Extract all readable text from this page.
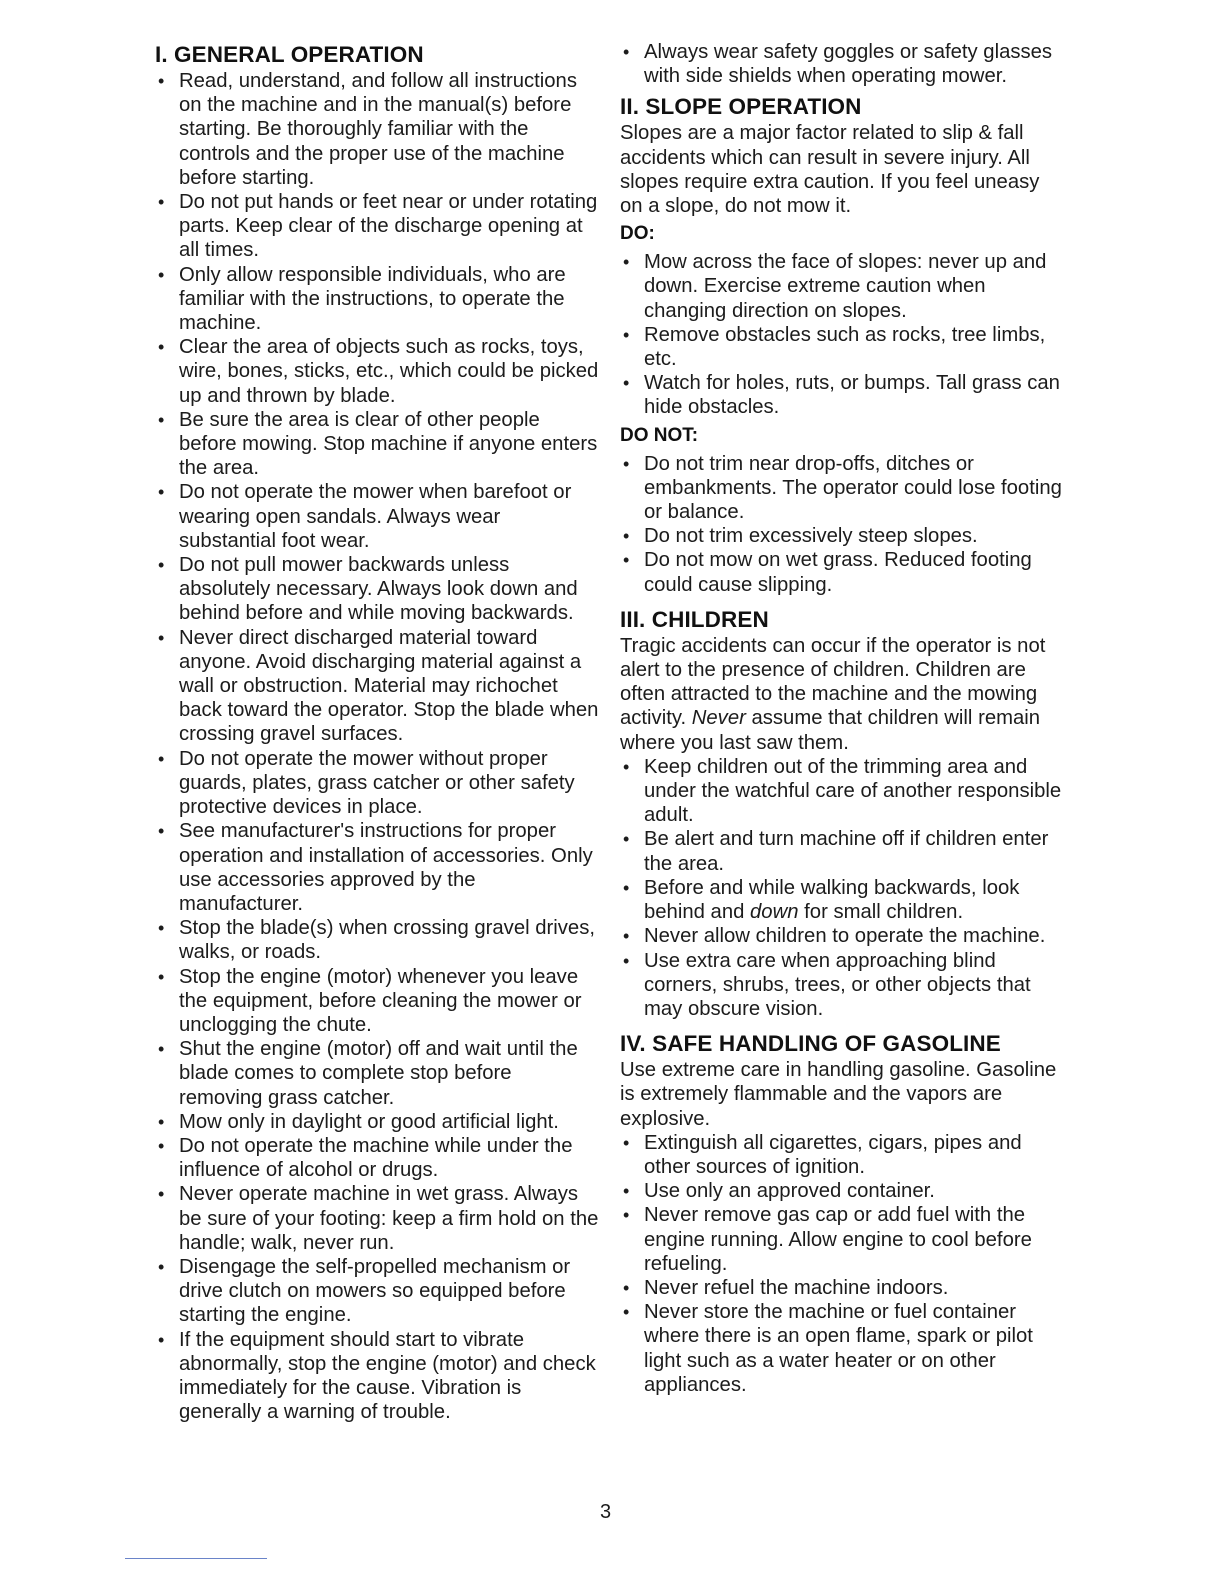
I. GENERAL OPERATION
• Read, understand, and follow all instructions on the machine and in the manual(s) before starting. Be thoroughly familiar with the controls and the proper use of the machine before starting.
• Do not put hands or feet near or under rotating parts. Keep clear of the discharge opening at all times.
• Only allow responsible individuals, who are familiar with the instructions, to operate the machine.
• Clear the area of objects such as rocks, toys, wire, bones, sticks, etc., which could be picked up and thrown by blade.
• Be sure the area is clear of other people before mowing. Stop machine if anyone enters the area.
• Do not operate the mower when barefoot or wearing open sandals. Always wear substantial foot wear.
• Do not pull mower backwards unless absolutely necessary. Always look down and behind before and while moving backwards.
• Never direct discharged material toward anyone. Avoid discharging material against a wall or obstruction. Material may richochet back toward the operator. Stop the blade when crossing gravel surfaces.
• Do not operate the mower without proper guards, plates, grass catcher or other safety protective devices in place.
• See manufacturer's instructions for proper operation and installation of accessories. Only use accessories approved by the manufacturer.
• Stop the blade(s) when crossing gravel drives, walks, or roads.
• Stop the engine (motor) whenever you leave the equipment, before cleaning the mower or unclogging the chute.
• Shut the engine (motor) off and wait until the blade comes to complete stop before removing grass catcher.
• Mow only in daylight or good artificial light.
• Do not operate the machine while under the influence of alcohol or drugs.
• Never operate machine in wet grass. Always be sure of your footing: keep a firm hold on the handle; walk, never run.
• Disengage the self-propelled mechanism or drive clutch on mowers so equipped before starting the engine.
• If the equipment should start to vibrate abnormally, stop the engine (motor) and check immediately for the cause. Vibration is generally a warning of trouble.
• Always wear safety goggles or safety glasses with side shields when operating mower.
II. SLOPE OPERATION

Slopes are a major factor related to slip & fall accidents which can result in severe injury. All slopes require extra caution. If you feel uneasy on a slope, do not mow it.

DO:
• Mow across the face of slopes: never up and down. Exercise extreme caution when changing direction on slopes.
• Remove obstacles such as rocks, tree limbs, etc.
• Watch for holes, ruts, or bumps. Tall grass can hide obstacles.
DO NOT:
• Do not trim near drop-offs, ditches or embankments. The operator could lose footing or balance.
• Do not trim excessively steep slopes.
• Do not mow on wet grass. Reduced footing could cause slipping.
III. CHILDREN

Tragic accidents can occur if the operator is not alert to the presence of children. Children are often attracted to the machine and the mowing activity. Never assume that children will remain where you last saw them.

• Keep children out of the trimming area and under the watchful care of another responsible adult.
• Be alert and turn machine off if children enter the area.
• Before and while walking backwards, look behind and down for small children.
• Never allow children to operate the machine.
• Use extra care when approaching blind corners, shrubs, trees, or other objects that may obscure vision.
IV. SAFE HANDLING OF GASOLINE

Use extreme care in handling gasoline. Gasoline is extremely flammable and the vapors are explosive.

• Extinguish all cigarettes, cigars, pipes and other sources of ignition.
• Use only an approved container.
• Never remove gas cap or add fuel with the engine running. Allow engine to cool before refueling.
• Never refuel the machine indoors.
• Never store the machine or fuel container where there is an open flame, spark or pilot light such as a water heater or on other appliances.
3
